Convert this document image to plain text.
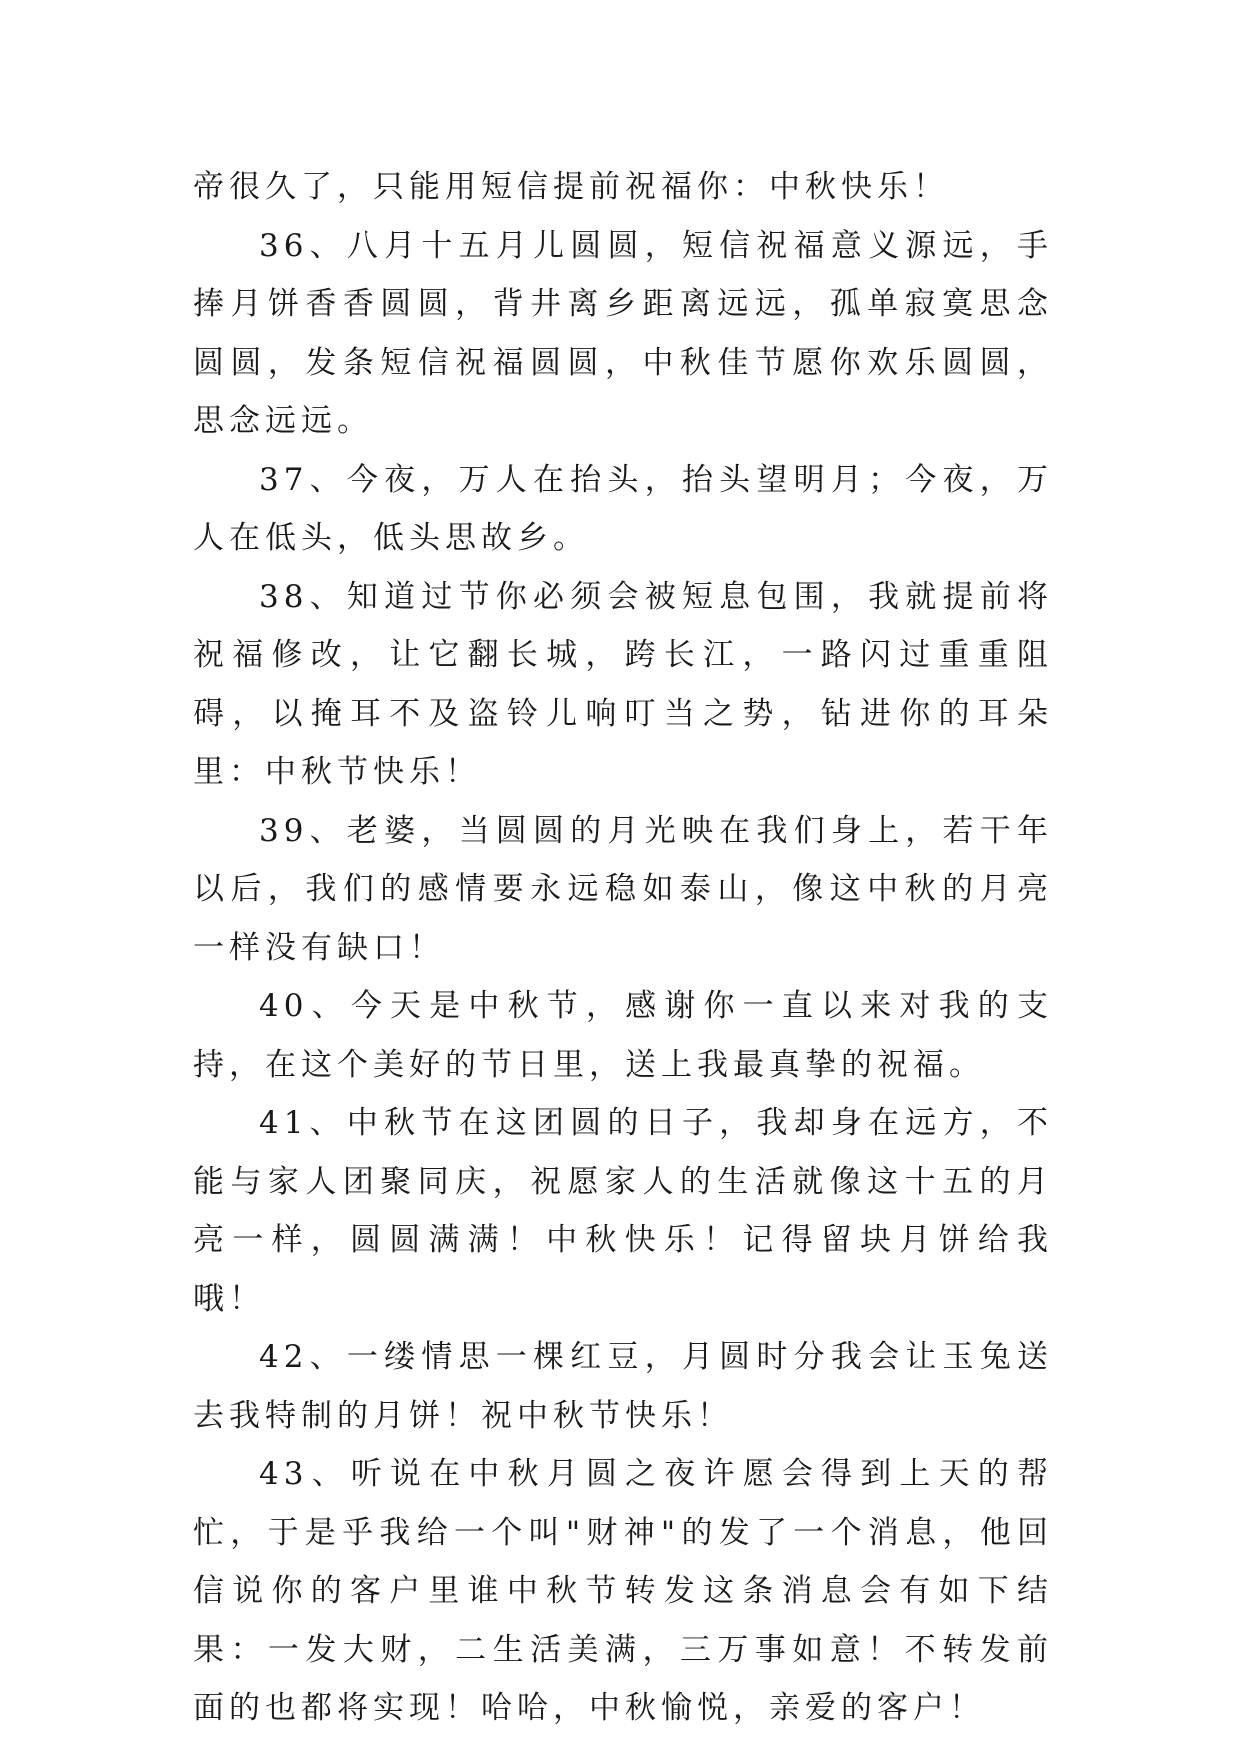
帝很久了，只能用短信提前祝福你：中秋快乐！

36、八月十五月儿圆圆，短信祝福意义源远，手捧月饼香香圆圆，背井离乡距离远远，孤单寂寞思念圆圆，发条短信祝福圆圆，中秋佳节愿你欢乐圆圆，思念远远。

37、今夜，万人在抬头，抬头望明月；今夜，万人在低头，低头思故乡。

38、知道过节你必须会被短息包围，我就提前将祝福修改，让它翻长城，跨长江，一路闪过重重阻碍，以掩耳不及盗铃儿响叮当之势，钻进你的耳朵里：中秋节快乐！

39、老婆，当圆圆的月光映在我们身上，若干年以后，我们的感情要永远稳如泰山，像这中秋的月亮一样没有缺口！

40、今天是中秋节，感谢你一直以来对我的支持，在这个美好的节日里，送上我最真挚的祝福。

41、中秋节在这团圆的日子，我却身在远方，不能与家人团聚同庆，祝愿家人的生活就像这十五的月亮一样，圆圆满满！中秋快乐！记得留块月饼给我哦！

42、一缕情思一棵红豆，月圆时分我会让玉兔送去我特制的月饼！祝中秋节快乐！

43、听说在中秋月圆之夜许愿会得到上天的帮忙，于是乎我给一个叫"财神"的发了一个消息，他回信说你的客户里谁中秋节转发这条消息会有如下结果：一发大财，二生活美满，三万事如意！不转发前面的也都将实现！哈哈，中秋愉悦，亲爱的客户！
